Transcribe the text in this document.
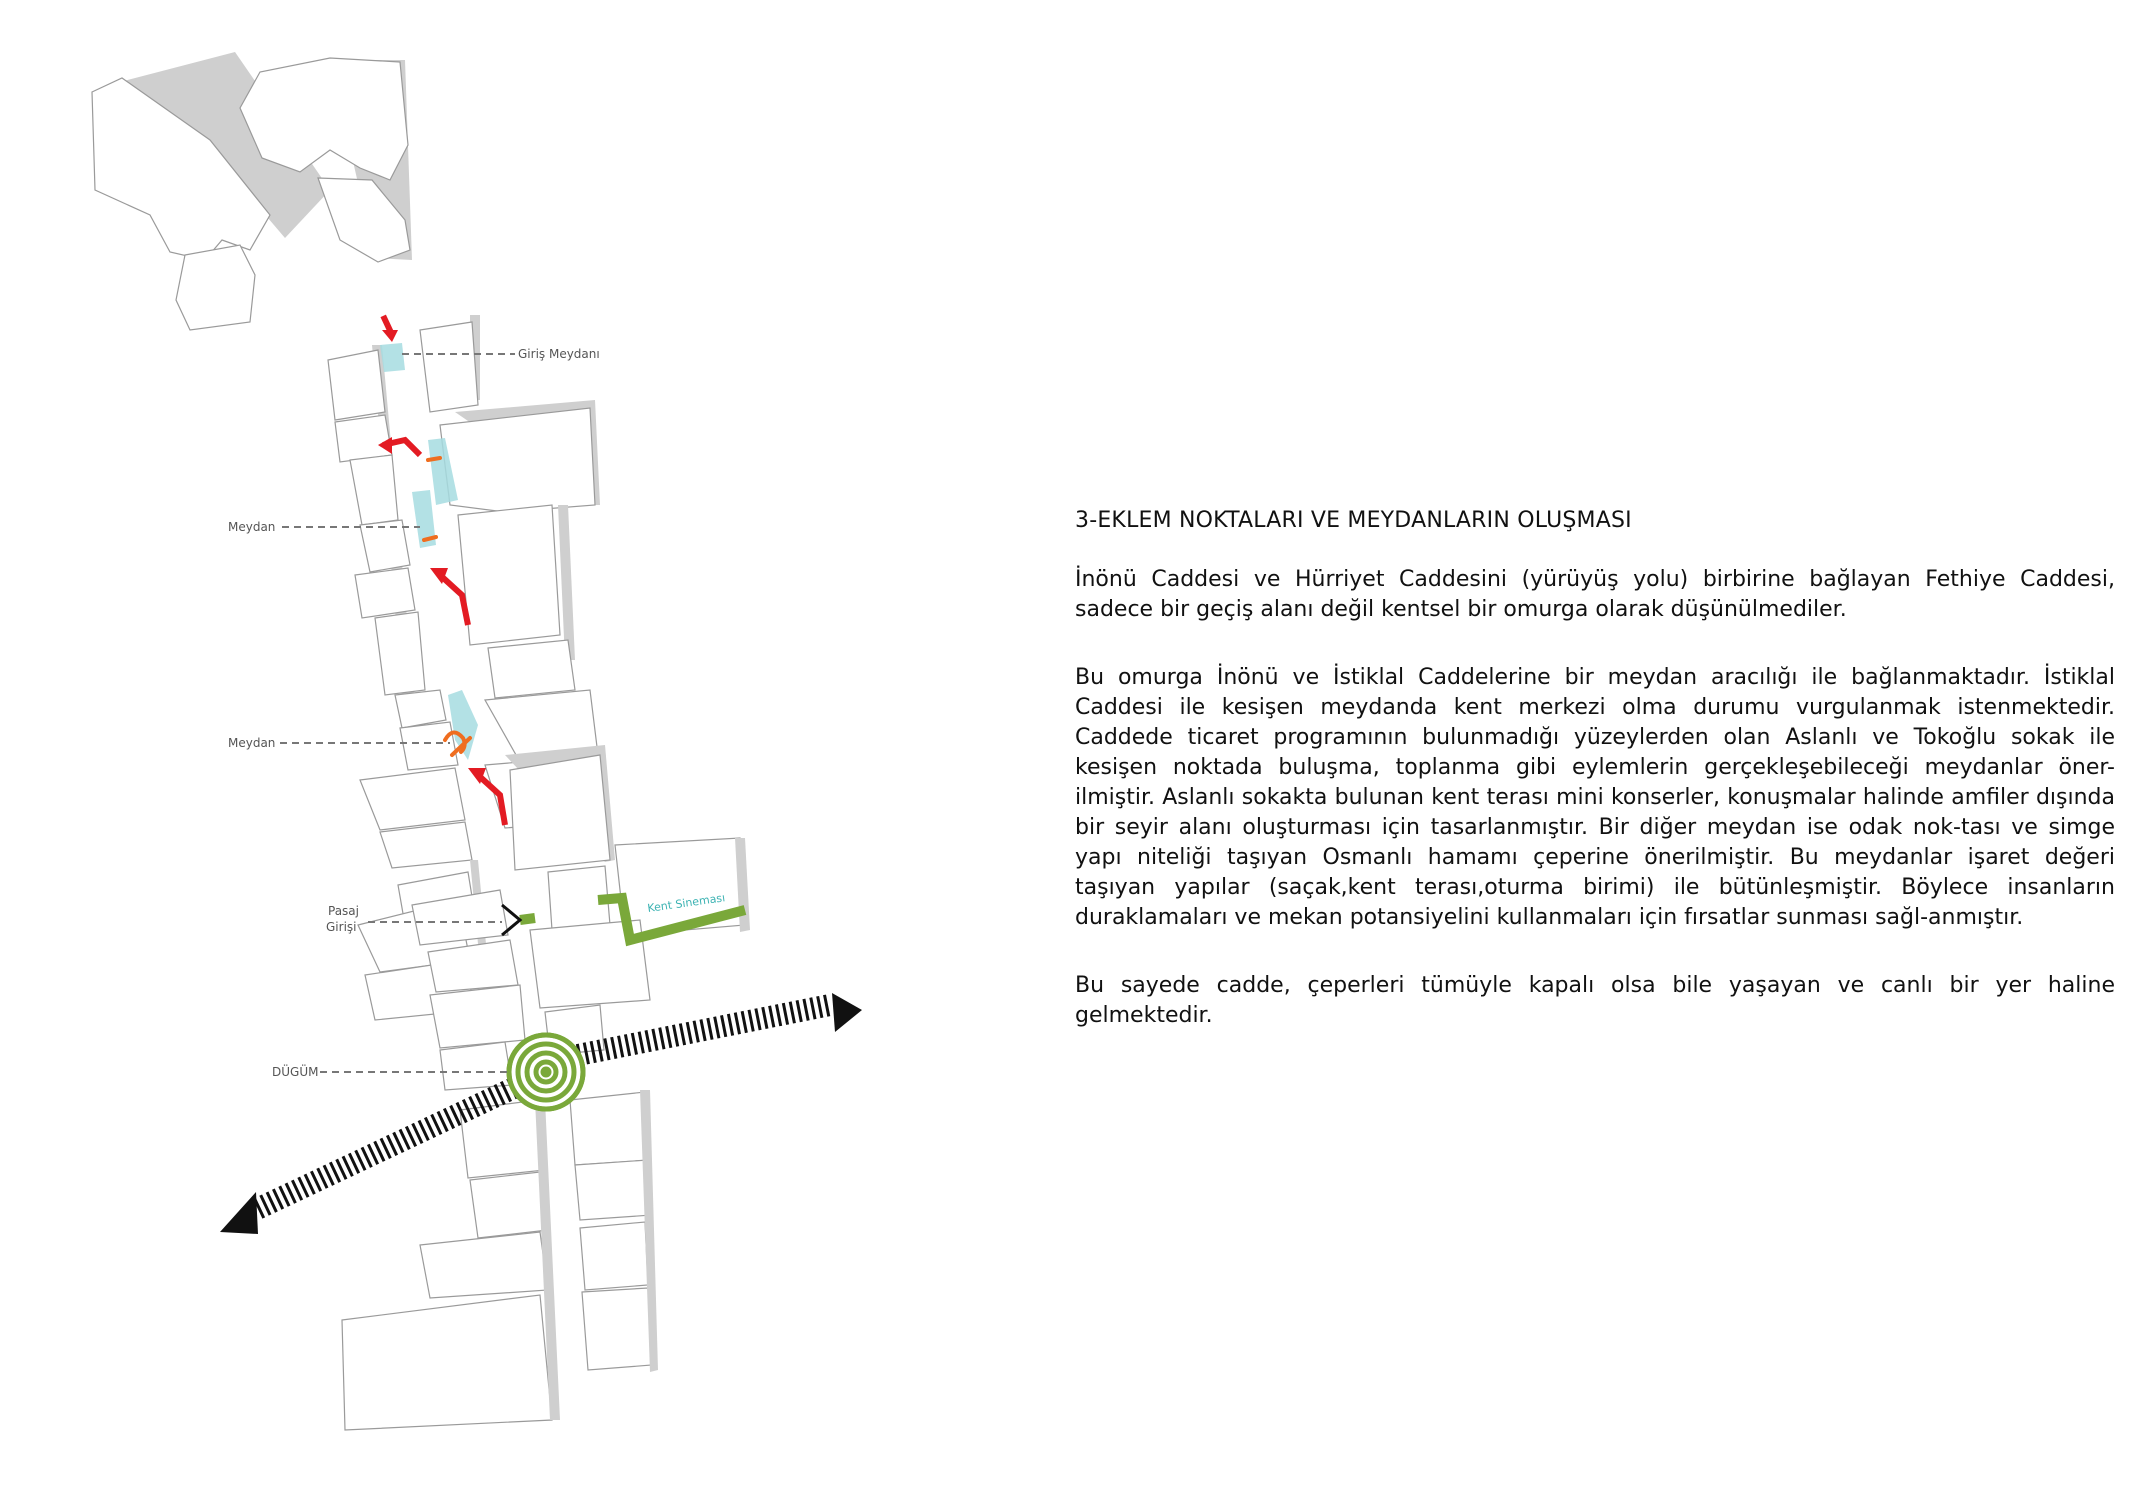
Giriş Meydanı
Meydan
Meydan
Pasaj
Girişi
DÜGÜM
Kent Sineması
3-EKLEM NOKTALARI VE MEYDANLARIN OLUŞMASI

İnönü Caddesi ve Hürriyet Caddesini (yürüyüş yolu) birbirine bağlayan Fethiye Caddesi, sadece bir geçiş alanı değil kentsel bir omurga olarak düşünülmediler.

Bu omurga İnönü ve İstiklal Caddelerine bir meydan aracılığı ile bağlanmaktadır. İstiklal Caddesi ile kesişen meydanda kent merkezi olma durumu vurgulanmak istenmektedir. Caddede ticaret programının bulunmadığı yüzeylerden olan Aslanlı ve Tokoğlu sokak ile kesişen noktada buluşma, toplanma gibi eylemlerin gerçekleşebileceği meydanlar öner-ilmiştir. Aslanlı sokakta bulunan kent terası mini konserler, konuşmalar halinde amfiler dışında bir seyir alanı oluşturması için tasarlanmıştır. Bir diğer meydan ise odak nok-tası ve simge yapı niteliği taşıyan Osmanlı hamamı çeperine önerilmiştir. Bu meydanlar işaret değeri taşıyan yapılar (saçak,kent terası,oturma birimi) ile bütünleşmiştir. Böylece insanların duraklamaları ve mekan potansiyelini kullanmaları için fırsatlar sunması sağl-anmıştır.

Bu sayede cadde, çeperleri tümüyle kapalı olsa bile yaşayan ve canlı bir yer haline gelmektedir.
